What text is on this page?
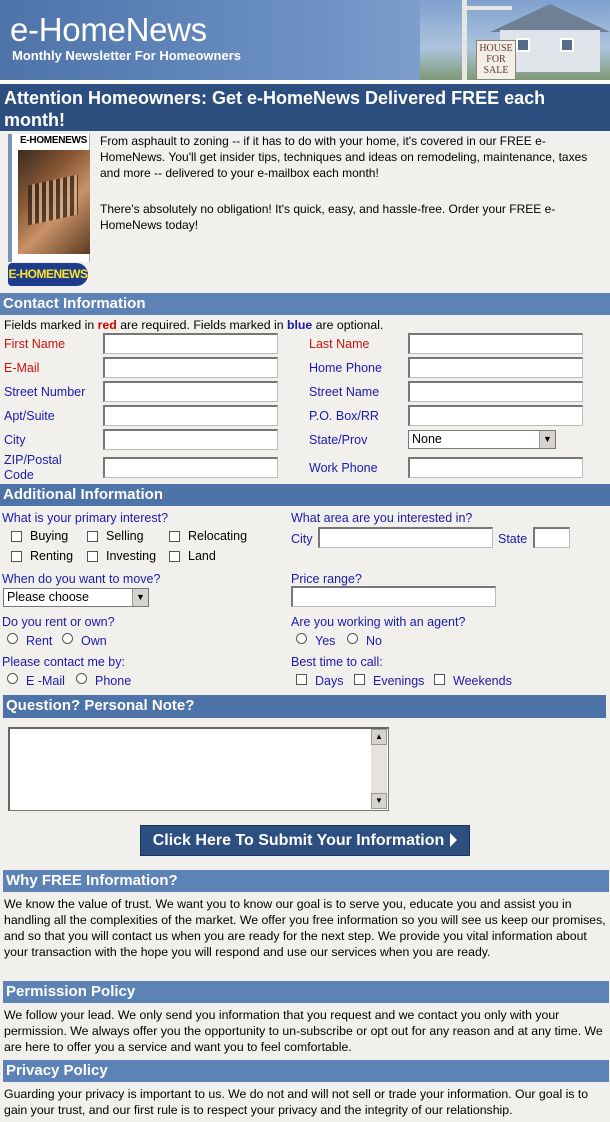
e-HomeNews
Monthly Newsletter For Homeowners	HOUSE
FOR
SALE
Attention Homeowners: Get e-HomeNews Delivered FREE each month!
E-HOMENEWS
E-HOMENEWS
From asphault to zoning -- if it has to do with your home, it's covered in our FREE e-HomeNews. You'll get insider tips, techniques and ideas on remodeling, maintenance, taxes and more -- delivered to your e-mailbox each month!
There's absolutely no obligation! It's quick, easy, and hassle-free. Order your FREE e-HomeNews today!
Contact Information
Fields marked in red are required. Fields marked in blue are optional.
First Name	Last Name
E-Mail	Home Phone
Street Number	Street Name
Apt/Suite	P.O. Box/RR
City	State/Prov	None	▼
ZIP/Postal Code	Work Phone
Additional Information
What is your primary interest?
Buying	Selling	Relocating
Renting	Investing	Land
What area are you interested in?
City	State
When do you want to move?
Please choose	▼
Price range?
Do you rent or own?
Rent Own
Are you working with an agent?
Yes No
Please contact me by:
E -Mail Phone
Best time to call:
Days Evenings Weekends
Question? Personal Note?
▲
▼
Click Here To Submit Your Information
Why FREE Information?
We know the value of trust. We want you to know our goal is to serve you, educate you and assist you in handling all the complexities of the market. We offer you free information so you will see us keep our promises, and so that you will contact us when you are ready for the next step. We provide you vital information about your transaction with the hope you will respond and use our services when you are ready.
Permission Policy
We follow your lead. We only send you information that you request and we contact you only with your permission. We always offer you the opportunity to un-subscribe or opt out for any reason and at any time. We are here to offer you a service and want you to feel comfortable.
Privacy Policy
Guarding your privacy is important to us. We do not and will not sell or trade your information. Our goal is to gain your trust, and our first rule is to respect your privacy and the integrity of our relationship.
